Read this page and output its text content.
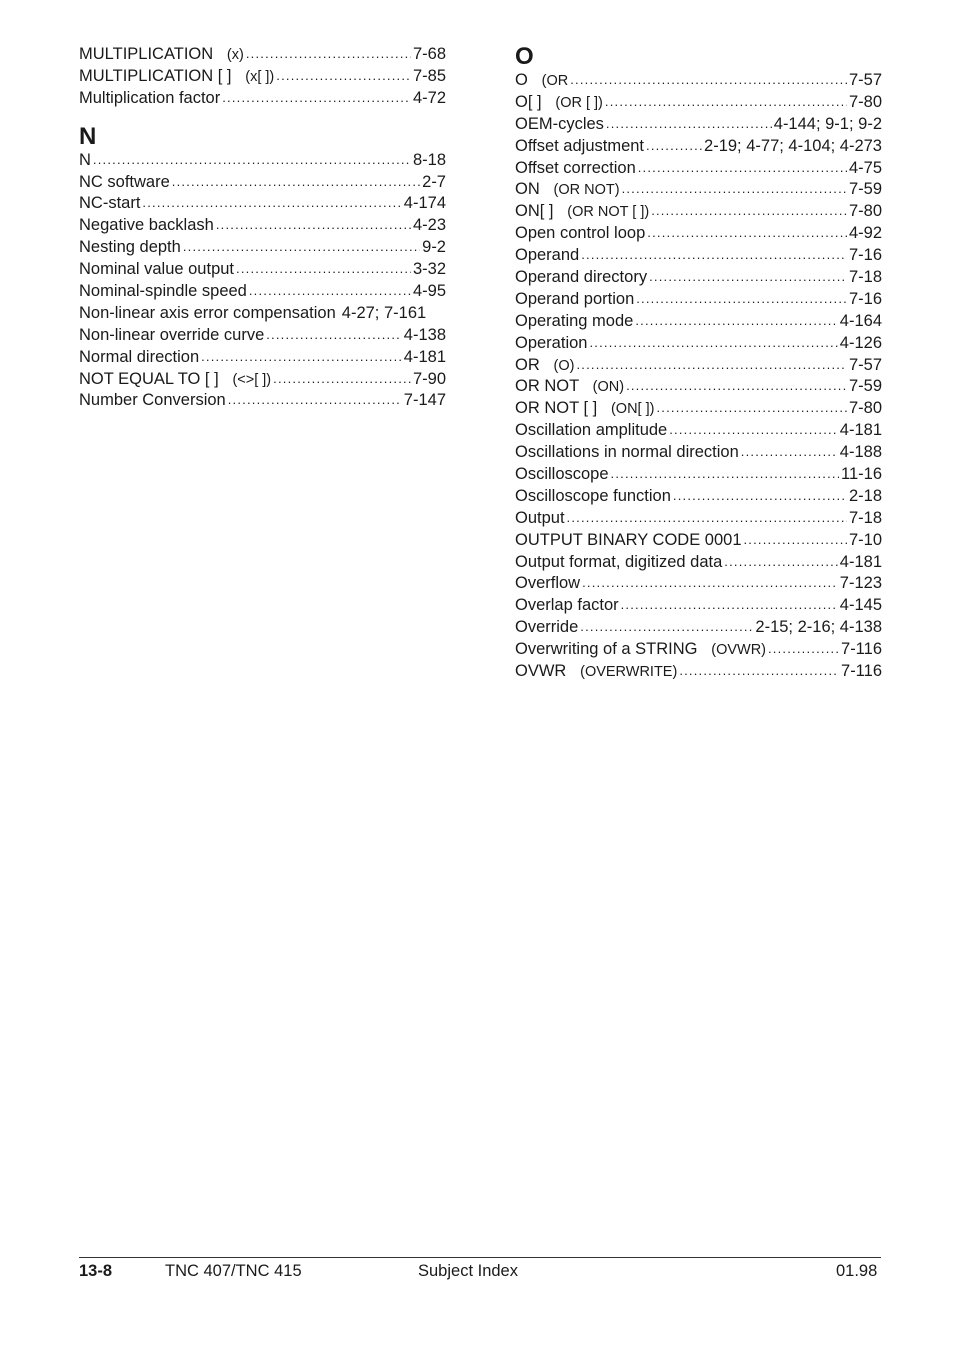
MULTIPLICATION (x) .....	7-68
MULTIPLICATION [ ] (x[ ]) .....	7-85
Multiplication factor .....	4-72
N
N .....	8-18
NC software .....	2-7
NC-start .....	4-174
Negative backlash .....	4-23
Nesting depth .....	9-2
Nominal value output .....	3-32
Nominal-spindle speed .....	4-95
Non-linear axis error compensation 4-27; 7-161
Non-linear override curve .....	4-138
Normal direction .....	4-181
NOT EQUAL TO [ ] (<>[ ]) .....	7-90
Number Conversion .....	7-147
O
O (OR .....	7-57
O[ ] (OR [ ]) .....	7-80
OEM-cycles .....	4-144; 9-1; 9-2
Offset adjustment .....	2-19; 4-77; 4-104; 4-273
Offset correction .....	4-75
ON (OR NOT) .....	7-59
ON[ ] (OR NOT [ ]) .....	7-80
Open control loop .....	4-92
Operand .....	7-16
Operand directory .....	7-18
Operand portion .....	7-16
Operating mode .....	4-164
Operation .....	4-126
OR (O) .....	7-57
OR NOT (ON) .....	7-59
OR NOT [ ] (ON[ ]) .....	7-80
Oscillation amplitude .....	4-181
Oscillations in normal direction .....	4-188
Oscilloscope .....	11-16
Oscilloscope function .....	2-18
Output .....	7-18
OUTPUT BINARY CODE 0001 .....	7-10
Output format, digitized data .....	4-181
Overflow .....	7-123
Overlap factor .....	4-145
Override .....	2-15; 2-16; 4-138
Overwriting of a STRING (OVWR) .....	7-116
OVWR (OVERWRITE) .....	7-116
13-8	TNC 407/TNC 415	Subject Index	01.98
